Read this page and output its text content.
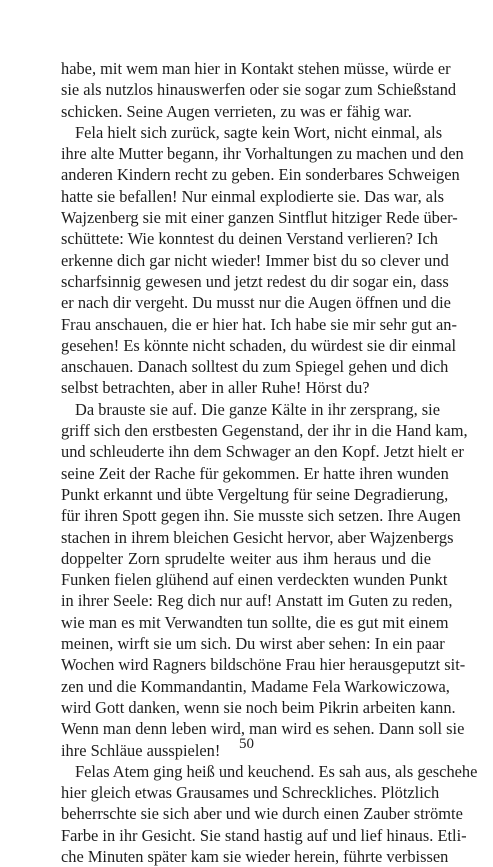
habe, mit wem man hier in Kontakt stehen müsse, würde er
sie als nutzlos hinauswerfen oder sie sogar zum Schießstand
schicken. Seine Augen verrieten, zu was er fähig war.
Fela hielt sich zurück, sagte kein Wort, nicht einmal, als
ihre alte Mutter begann, ihr Vorhaltungen zu machen und den
anderen Kindern recht zu geben. Ein sonderbares Schweigen
hatte sie befallen! Nur einmal explodierte sie. Das war, als
Wajzenberg sie mit einer ganzen Sintflut hitziger Rede über-
schüttete: Wie konntest du deinen Verstand verlieren? Ich
erkenne dich gar nicht wieder! Immer bist du so clever und
scharfsinnig gewesen und jetzt redest du dir sogar ein, dass
er nach dir vergeht. Du musst nur die Augen öffnen und die
Frau anschauen, die er hier hat. Ich habe sie mir sehr gut an-
gesehen! Es könnte nicht schaden, du würdest sie dir einmal
anschauen. Danach solltest du zum Spiegel gehen und dich
selbst betrachten, aber in aller Ruhe! Hörst du?
Da brauste sie auf. Die ganze Kälte in ihr zersprang, sie
griff sich den erstbesten Gegenstand, der ihr in die Hand kam,
und schleuderte ihn dem Schwager an den Kopf. Jetzt hielt er
seine Zeit der Rache für gekommen. Er hatte ihren wunden
Punkt erkannt und übte Vergeltung für seine Degradierung,
für ihren Spott gegen ihn. Sie musste sich setzen. Ihre Augen
stachen in ihrem bleichen Gesicht hervor, aber Wajzenbergs
doppelter Zorn sprudelte weiter aus ihm heraus und die
Funken fielen glühend auf einen verdeckten wunden Punkt
in ihrer Seele: Reg dich nur auf! Anstatt im Guten zu reden,
wie man es mit Verwandten tun sollte, die es gut mit einem
meinen, wirft sie um sich. Du wirst aber sehen: In ein paar
Wochen wird Ragners bildschöne Frau hier herausgeputzt sit-
zen und die Kommandantin, Madame Fela Warkowiczowa,
wird Gott danken, wenn sie noch beim Pikrin arbeiten kann.
Wenn man denn leben wird, man wird es sehen. Dann soll sie
ihre Schläue ausspielen!
Felas Atem ging heiß und keuchend. Es sah aus, als geschehe
hier gleich etwas Grausames und Schreckliches. Plötzlich
beherrschte sie sich aber und wie durch einen Zauber strömte
Farbe in ihr Gesicht. Sie stand hastig auf und lief hinaus. Etli-
che Minuten später kam sie wieder herein, führte verbissen
50
